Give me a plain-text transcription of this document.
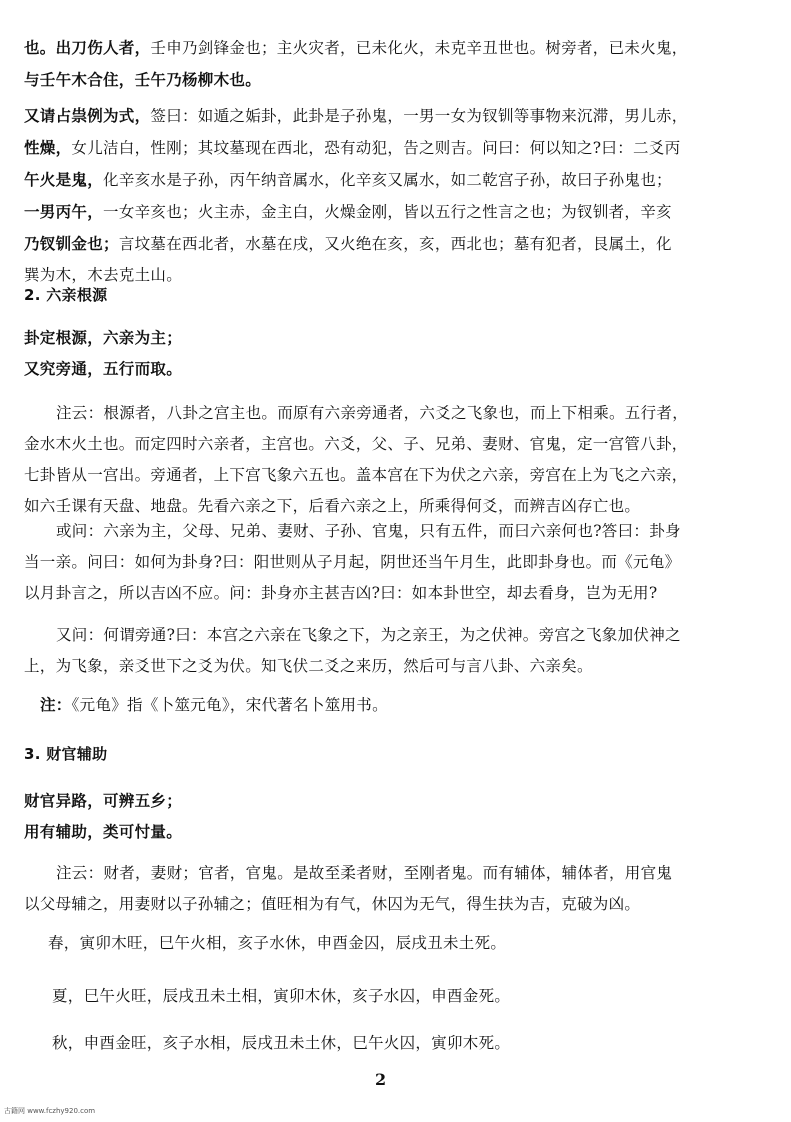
也。出刀伤人者，壬申乃剑锋金也；主火灾者，已未化火，未克辛丑世也。树旁者，已未火鬼，
与壬午木合住，壬午乃杨柳木也。

又请占祟例为式，签曰：如遁之姤卦，此卦是子孙鬼，一男一女为钗钏等事物来沉滞，男儿赤，
性燥，女儿洁白，性刚；其坟墓现在西北，恐有动犯，告之则吉。问曰：何以知之?曰：二爻丙
午火是鬼，化辛亥水是子孙，丙午纳音属水，化辛亥又属水，如二乾宫子孙，故曰子孙鬼也；
一男丙午，一女辛亥也；火主赤，金主白，火燥金刚，皆以五行之性言之也；为钗钏者，辛亥
乃钗钏金也；言坟墓在西北者，水墓在戌，又火绝在亥，亥，西北也；墓有犯者，艮属土，化
巽为木，木去克土山。

2. 六亲根源

卦定根源，六亲为主；
又究旁通，五行而取。

注云：根源者，八卦之宫主也。而原有六亲旁通者，六爻之飞象也，而上下相乘。五行者，
金水木火土也。而定四时六亲者，主宫也。六爻，父、子、兄弟、妻财、官鬼，定一宫管八卦，
七卦皆从一宫出。旁通者，上下宫飞象六五也。盖本宫在下为伏之六亲，旁宫在上为飞之六亲，
如六壬课有天盘、地盘。先看六亲之下，后看六亲之上，所乘得何爻，而辨吉凶存亡也。

或问：六亲为主，父母、兄弟、妻财、子孙、官鬼，只有五件，而曰六亲何也?答曰：卦身
当一亲。问曰：如何为卦身?曰：阳世则从子月起，阴世还当午月生，此即卦身也。而《元龟》
以月卦言之，所以吉凶不应。问：卦身亦主甚吉凶?曰：如本卦世空，却去看身，岂为无用?

又问：何谓旁通?曰：本宫之六亲在飞象之下，为之亲王，为之伏神。旁宫之飞象加伏神之
上，为飞象，亲爻世下之爻为伏。知飞伏二爻之来历，然后可与言八卦、六亲矣。

注：《元龟》指《卜筮元龟》，宋代著名卜筮用书。

3. 财官辅助

财官异路，可辨五乡；
用有辅助，类可忖量。

注云：财者，妻财；官者，官鬼。是故至柔者财，至刚者鬼。而有辅体，辅体者，用官鬼
以父母辅之，用妻财以子孙辅之；值旺相为有气，休囚为无气，得生扶为吉，克破为凶。

春，寅卯木旺，巳午火相，亥子水休，申酉金囚，辰戌丑未土死。

夏，巳午火旺，辰戌丑未土相，寅卯木休，亥子水囚，申酉金死。

秋，申酉金旺，亥子水相，辰戌丑未土休，巳午火囚，寅卯木死。

2
古籍网 www.fczhy920.com
